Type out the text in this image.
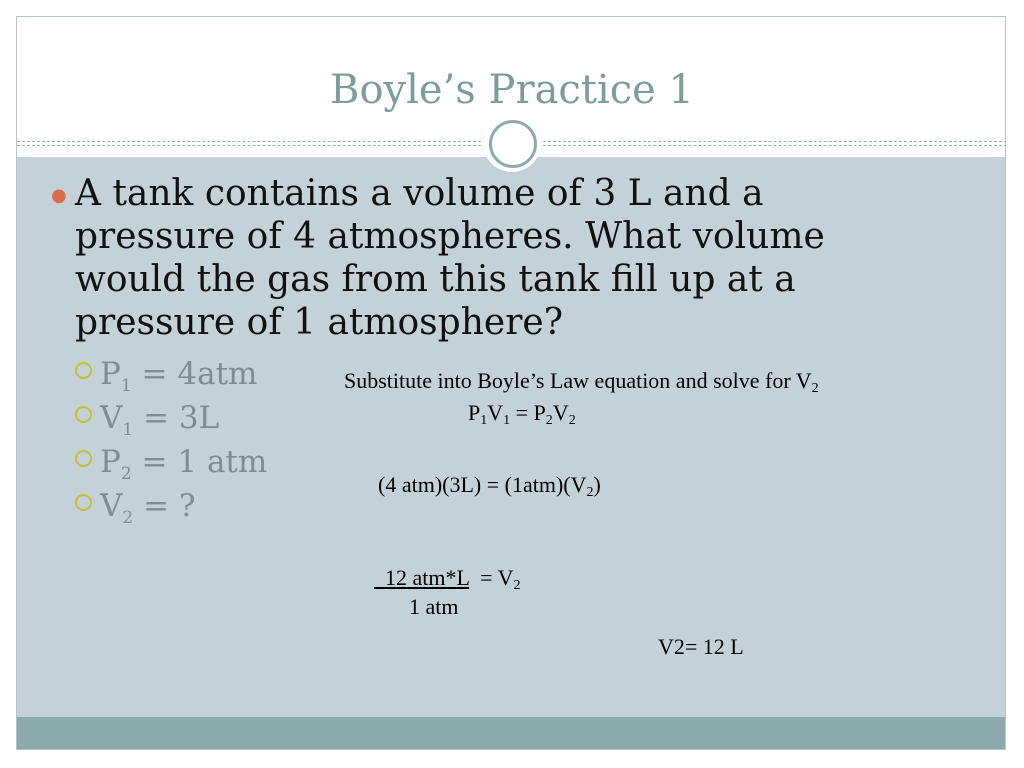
Boyle’s Practice 1
● A tank contains a volume of 3 L and a pressure of 4 atmospheres. What volume would the gas from this tank fill up at a pressure of 1 atmosphere?
$P_1 = 4atm$
$V_1 = 3L$
$P_2 = 1$ atm
$V_2$ = ?
Substitute into Boyle’s Law equation and solve for $V_2$
$P_1V_1 = P_2V_2$
(4 $atm)(3L) = (1atm)(V_2)$
12 $atm*L = V_2$
1 atm
V2= 12 L
